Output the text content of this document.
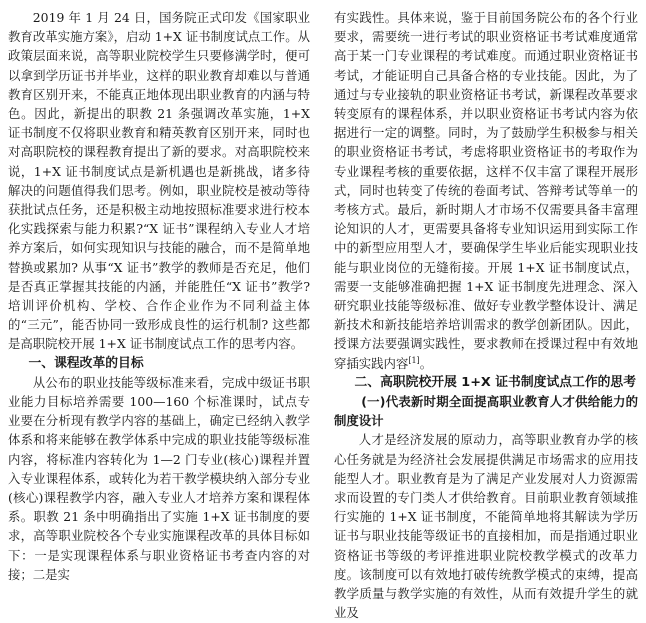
2019 年 1 月 24 日，国务院正式印发《国家职业教育改革实施方案》，启动 1+X 证书制度试点工作。从政策层面来说，高等职业院校学生只要修满学时，便可以拿到学历证书并毕业，这样的职业教育却难以与普通教育区别开来，不能真正地体现出职业教育的内涵与特色。因此，新提出的职教 21 条强调改革实施，1+X 证书制度不仅将职业教育和精英教育区别开来，同时也对高职院校的课程教育提出了新的要求。对高职院校来说，1+X 证书制度试点是新机遇也是新挑战，诸多待解决的问题值得我们思考。例如，职业院校是被动等待获批试点任务，还是积极主动地按照标准要求进行校本化实践探索与能力积累?“X 证书”课程纳入专业人才培养方案后，如何实现知识与技能的融合，而不是简单地替换或累加? 从事“X 证书”教学的教师是否充足，他们是否真正掌握其技能的内涵，并能胜任“X 证书”教学? 培训评价机构、学校、合作企业作为不同利益主体的“三元”，能否协同一致形成良性的运行机制? 这些都是高职院校开展 1+X 证书制度试点工作的思考内容。

一、课程改革的目标

从公布的职业技能等级标准来看，完成中级证书职业能力目标培养需要 100—160 个标准课时，试点专业要在分析现有教学内容的基础上，确定已经纳入教学体系和将来能够在教学体系中完成的职业技能等级标准内容，将标准内容转化为 1—2 门专业(核心)课程并置入专业课程体系，或转化为若干教学模块纳入部分专业(核心)课程教学内容，融入专业人才培养方案和课程体系。职教 21 条中明确指出了实施 1+X 证书制度的要求，高等职业院校各个专业实施课程改革的具体目标如下：一是实现课程体系与职业资格证书考查内容的对接；二是实

有实践性。具体来说，鉴于目前国务院公布的各个行业要求，需要统一进行考试的职业资格证书考试难度通常高于某一门专业课程的考试难度。而通过职业资格证书考试，才能证明自己具备合格的专业技能。因此，为了通过与专业接轨的职业资格证书考试，新课程改革要求转变原有的课程体系，并以职业资格证书考试内容为依据进行一定的调整。同时，为了鼓励学生积极参与相关的职业资格证书考试，考虑将职业资格证书的考取作为专业课程考核的重要依据，这样不仅丰富了课程开展形式，同时也转变了传统的卷面考试、答辩考试等单一的考核方式。最后，新时期人才市场不仅需要具备丰富理论知识的人才，更需要具备将专业知识运用到实际工作中的新型应用型人才，要确保学生毕业后能实现职业技能与职业岗位的无缝衔接。开展 1+X 证书制度试点，需要一支能够准确把握 1+X 证书制度先进理念、深入研究职业技能等级标准、做好专业教学整体设计、满足新技术和新技能培养培训需求的教学创新团队。因此，授课方法要强调实践性，要求教师在授课过程中有效地穿插实践内容[1]。

二、高职院校开展 1+X 证书制度试点工作的思考
(一)代表新时期全面提高职业教育人才供给能力的制度设计

人才是经济发展的原动力，高等职业教育办学的核心任务就是为经济社会发展提供满足市场需求的应用技能型人才。职业教育是为了满足产业发展对人力资源需求而设置的专门类人才供给教育。目前职业教育领域推行实施的 1+X 证书制度，不能简单地将其解读为学历证书与职业技能等级证书的直接相加，而是指通过职业资格证书等级的考评推进职业院校教学模式的改革力度。该制度可以有效地打破传统教学模式的束缚，提高教学质量与教学实施的有效性，从而有效提升学生的就业及
